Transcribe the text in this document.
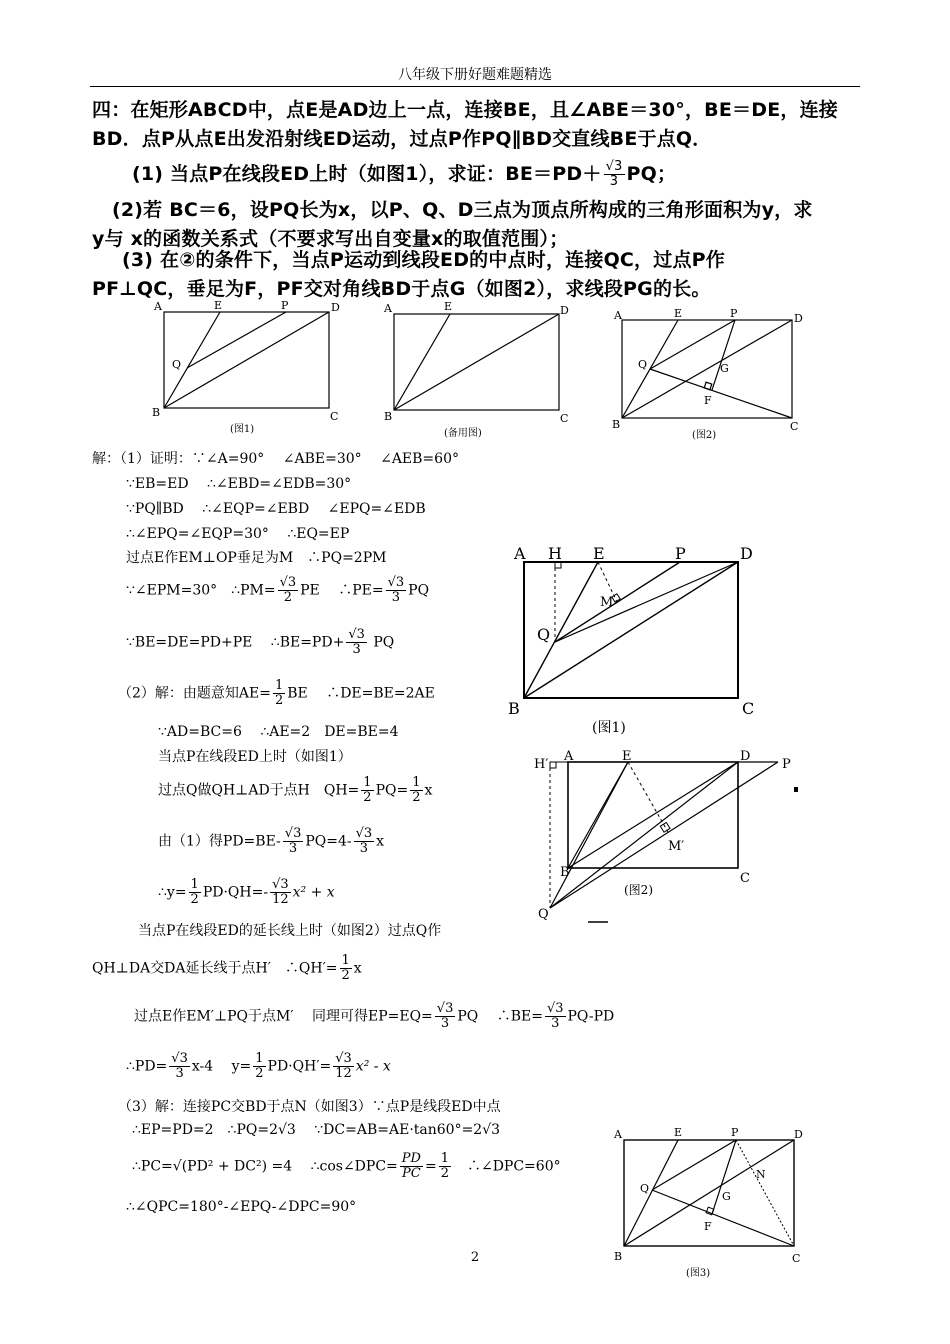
八年级下册好题难题精选
四：在矩形ABCD中，点E是AD边上一点，连接BE，且∠ABE＝30°，BE＝DE，连接
BD．点P从点E出发沿射线ED运动，过点P作PQ∥BD交直线BE于点Q．
(1) 当点P在线段ED上时（如图1），求证：$BE=PD+ \frac{√3}{3}$ PQ；
(2)若 BC＝6，设PQ长为x，以P、Q、D三点为顶点所构成的三角形面积为y，求
y与 x的函数关系式（不要求写出自变量x的取值范围）；
(3) 在②的条件下，当点P运动到线段ED的中点时，连接QC，过点P作
PF⊥QC，垂足为F，PF交对角线BD于点G（如图2），求线段PG的长。
A	E	P	D
Q
B	C
(图1)
A	E	D
B	C
(备用图)
A	E	P	D
Q	G
F
B	C
(图2)
解：（1）证明：∵∠A=90°　 ∠ABE=30°　 ∠AEB=60°
∵EB=ED　 ∴∠EBD=∠EDB=30°
∵PQ∥BD　 ∴∠EQP=∠EBD　 ∠EPQ=∠EDB
∴∠EPQ=∠EQP=30°　 ∴EQ=EP
过点E作EM⊥OP垂足为M　∴PQ=2PM
∵∠EPM=30°　∴PM= $\frac{√3}{2}$ PE　 ∴PE= $\frac{√3}{3}$ PQ
∵BE=DE=PD+PE　 ∴BE=PD+ $\frac{√3}{3}$ PQ
（2）解：由题意知$AE= \frac{1}{2}$ BE　 ∴DE=BE=2AE
∵AD=BC=6　 ∴AE=2　DE=BE=4
当点P在线段ED上时（如图1）
过点Q做QH⊥AD于点H　$QH= \frac{1}{2} PQ= \frac{1}{2}$ x
由（1）得$PD=BE- \frac{√3}{3} PQ=4- \frac{√3}{3}$ x
∴y= $\frac{1}{2} PD\cdot QH=- \frac{√3}{12} x^2 + x$
当点P在线段ED的延长线上时（如图2）过点Q作
QH⊥DA交DA延长线于点H′　∴QH′= $\frac{1}{2}$ x
过点E作EM′⊥PQ于点M′　 同理可得$EP=EQ= \frac{√3}{3}$ PQ　 ∴BE= $\frac{√3}{3} PQ-PD$
∴PD= $\frac{√3}{3} x-4$　 $y= \frac{1}{2} PD\cdot QH'= \frac{√3}{12} x^2 - x$
（3）解：连接PC交BD于点N（如图3）∵点P是线段ED中点
∴EP=PD=2　∴PQ=2√3　 ∵DC=AB=AE·tan60°=2√3
∴PC=√(PD² + DC²) =4　 ∴cos∠DPC= $\frac{PD}{PC} = \frac{1}{2}$ 　∴∠DPC=60°
∴∠QPC=180°-∠EPQ-∠DPC=90°
A H E	P	D
M
Q
B	C
(图1)
H′
A	E	D
P
M′
B	C
Q
(图2)
A	E	P	D
N
Q
G
F
B	C
(图3)
2
